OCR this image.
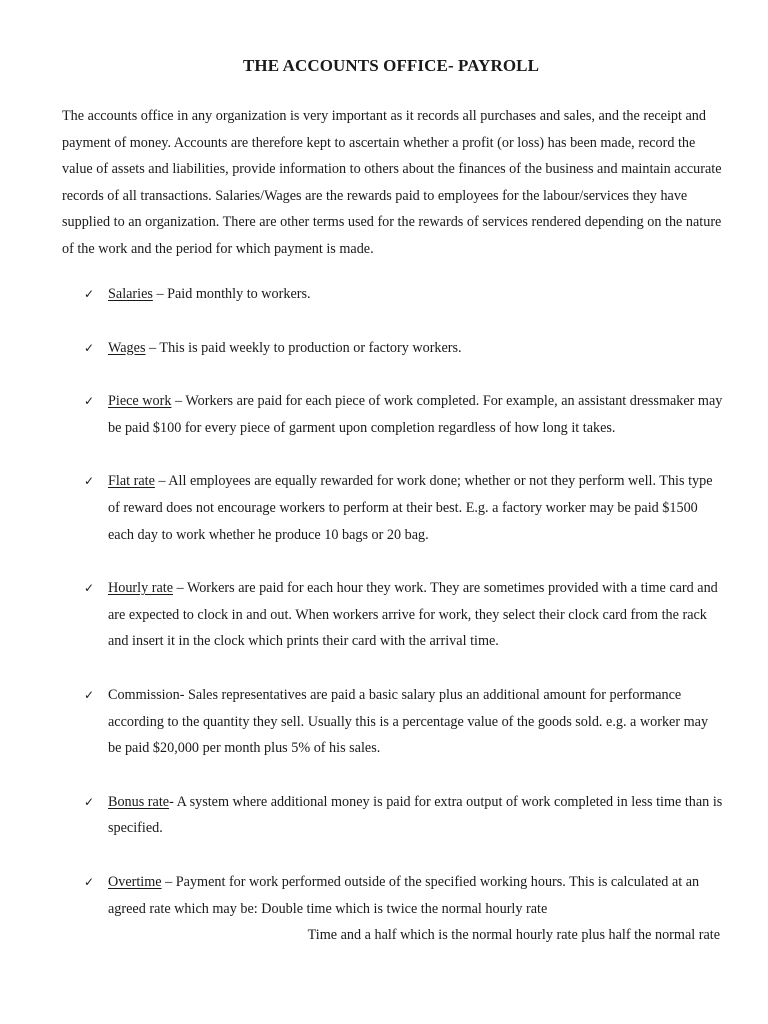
THE ACCOUNTS OFFICE- PAYROLL

The accounts office in any organization is very important as it records all purchases and sales, and the receipt and payment of money. Accounts are therefore kept to ascertain whether a profit (or loss) has been made, record the value of assets and liabilities, provide information to others about the finances of the business and maintain accurate records of all transactions. Salaries/Wages are the rewards paid to employees for the labour/services they have supplied to an organization. There are other terms used for the rewards of services rendered depending on the nature of the work and the period for which payment is made.

✓ Salaries – Paid monthly to workers.
✓ Wages – This is paid weekly to production or factory workers.
✓ Piece work – Workers are paid for each piece of work completed. For example, an assistant dressmaker may be paid $100 for every piece of garment upon completion regardless of how long it takes.
✓ Flat rate – All employees are equally rewarded for work done; whether or not they perform well. This type of reward does not encourage workers to perform at their best. E.g. a factory worker may be paid $1500 each day to work whether he produce 10 bags or 20 bag.
✓ Hourly rate – Workers are paid for each hour they work. They are sometimes provided with a time card and are expected to clock in and out. When workers arrive for work, they select their clock card from the rack and insert it in the clock which prints their card with the arrival time.
✓ Commission- Sales representatives are paid a basic salary plus an additional amount for performance according to the quantity they sell. Usually this is a percentage value of the goods sold. e.g. a worker may be paid $20,000 per month plus 5% of his sales.
✓ Bonus rate- A system where additional money is paid for extra output of work completed in less time than is specified.
✓ Overtime – Payment for work performed outside of the specified working hours. This is calculated at an agreed rate which may be: Double time which is twice the normal hourly rate
Time and a half which is the normal hourly rate plus half the normal rate
